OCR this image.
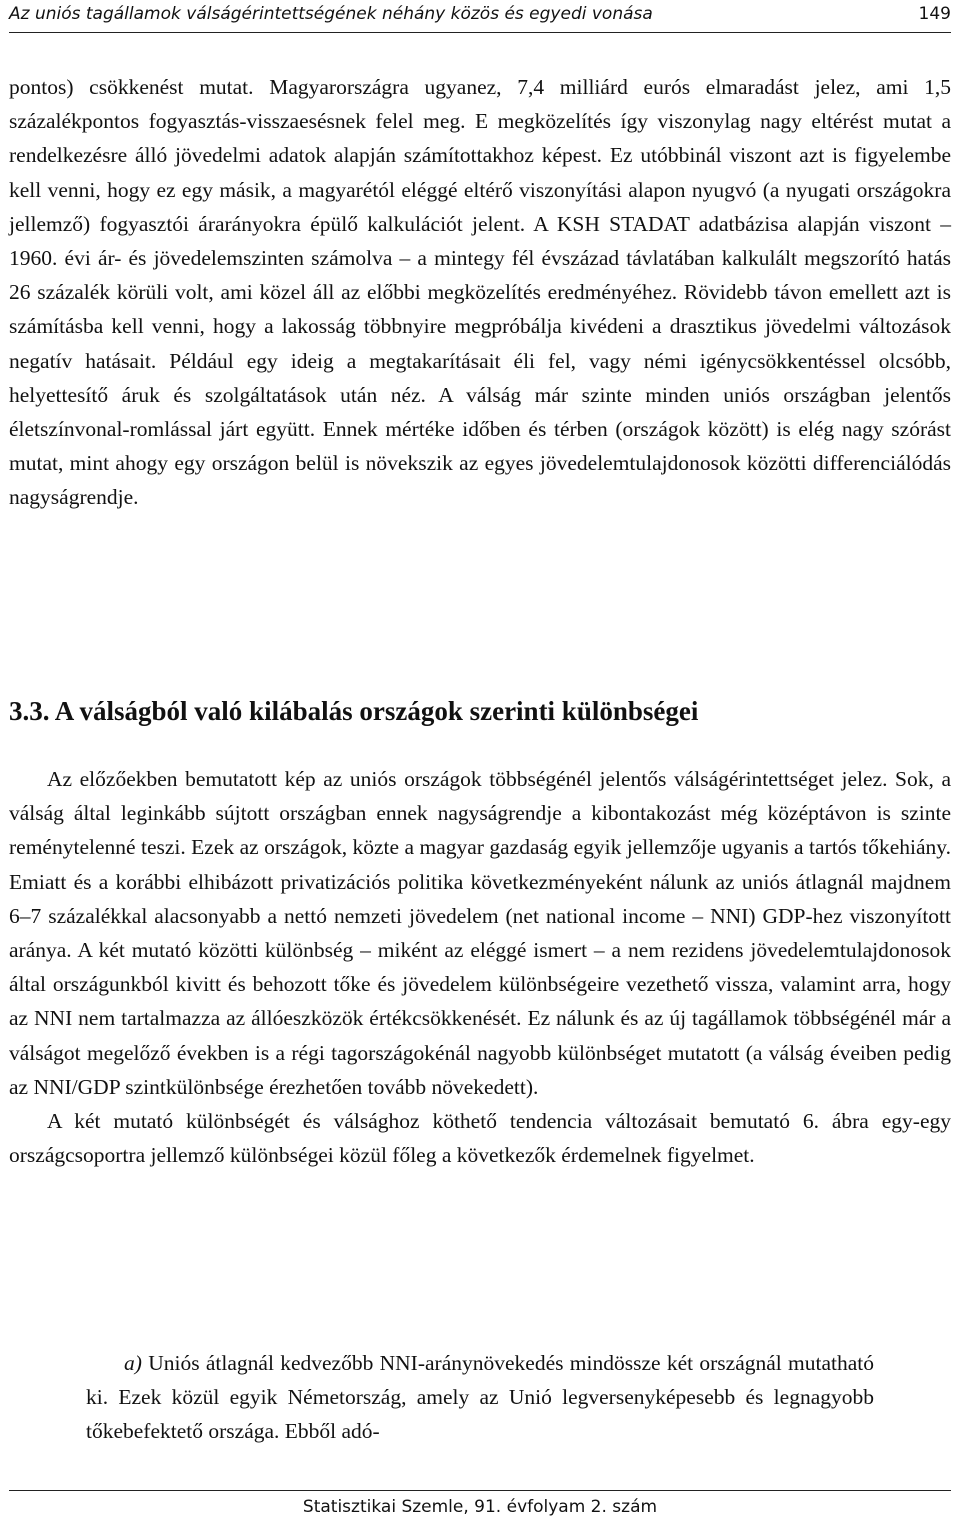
Az uniós tagállamok válságérintettségének néhány közös és egyedi vonása	149

pontos) csökkenést mutat. Magyarországra ugyanez, 7,4 milliárd eurós elmaradást jelez, ami 1,5 százalékpontos fogyasztás-visszaesésnek felel meg. E megközelítés így viszonylag nagy eltérést mutat a rendelkezésre álló jövedelmi adatok alapján számítottakhoz képest. Ez utóbbinál viszont azt is figyelembe kell venni, hogy ez egy másik, a magyarétól eléggé eltérő viszonyítási alapon nyugvó (a nyugati országokra jellemző) fogyasztói árarányokra épülő kalkulációt jelent. A KSH STADAT adatbázisa alapján viszont – 1960. évi ár- és jövedelemszinten számolva – a mintegy fél évszázad távlatában kalkulált megszorító hatás 26 százalék körüli volt, ami közel áll az előbbi megközelítés eredményéhez. Rövidebb távon emellett azt is számításba kell venni, hogy a lakosság többnyire megpróbálja kivédeni a drasztikus jövedelmi változások negatív hatásait. Például egy ideig a megtakarításait éli fel, vagy némi igénycsökkentéssel olcsóbb, helyettesítő áruk és szolgáltatások után néz. A válság már szinte minden uniós országban jelentős életszínvonal-romlással járt együtt. Ennek mértéke időben és térben (országok között) is elég nagy szórást mutat, mint ahogy egy országon belül is növekszik az egyes jövedelemtulajdonosok közötti differenciálódás nagyságrendje.

3.3. A válságból való kilábalás országok szerinti különbségei

Az előzőekben bemutatott kép az uniós országok többségénél jelentős válságérintettséget jelez. Sok, a válság által leginkább sújtott országban ennek nagyságrendje a kibontakozást még középtávon is szinte reménytelenné teszi. Ezek az országok, közte a magyar gazdaság egyik jellemzője ugyanis a tartós tőkehiány. Emiatt és a korábbi elhibázott privatizációs politika következményeként nálunk az uniós átlagnál majdnem 6–7 százalékkal alacsonyabb a nettó nemzeti jövedelem (net national income – NNI) GDP-hez viszonyított aránya. A két mutató közötti különbség – miként az eléggé ismert – a nem rezidens jövedelemtulajdonosok által országunkból kivitt és behozott tőke és jövedelem különbségeire vezethető vissza, valamint arra, hogy az NNI nem tartalmazza az állóeszközök értékcsökkenését. Ez nálunk és az új tagállamok többségénél már a válságot megelőző években is a régi tagországokénál nagyobb különbséget mutatott (a válság éveiben pedig az NNI/GDP szintkülönbsége érezhetően tovább növekedett).

A két mutató különbségét és válsághoz köthető tendencia változásait bemutató 6. ábra egy-egy országcsoportra jellemző különbségei közül főleg a következők érdemelnek figyelmet.

a) Uniós átlagnál kedvezőbb NNI-aránynövekedés mindössze két országnál mutatható ki. Ezek közül egyik Németország, amely az Unió legversenyképesebb és legnagyobb tőkebefektető országa. Ebből adó-

Statisztikai Szemle, 91. évfolyam 2. szám
